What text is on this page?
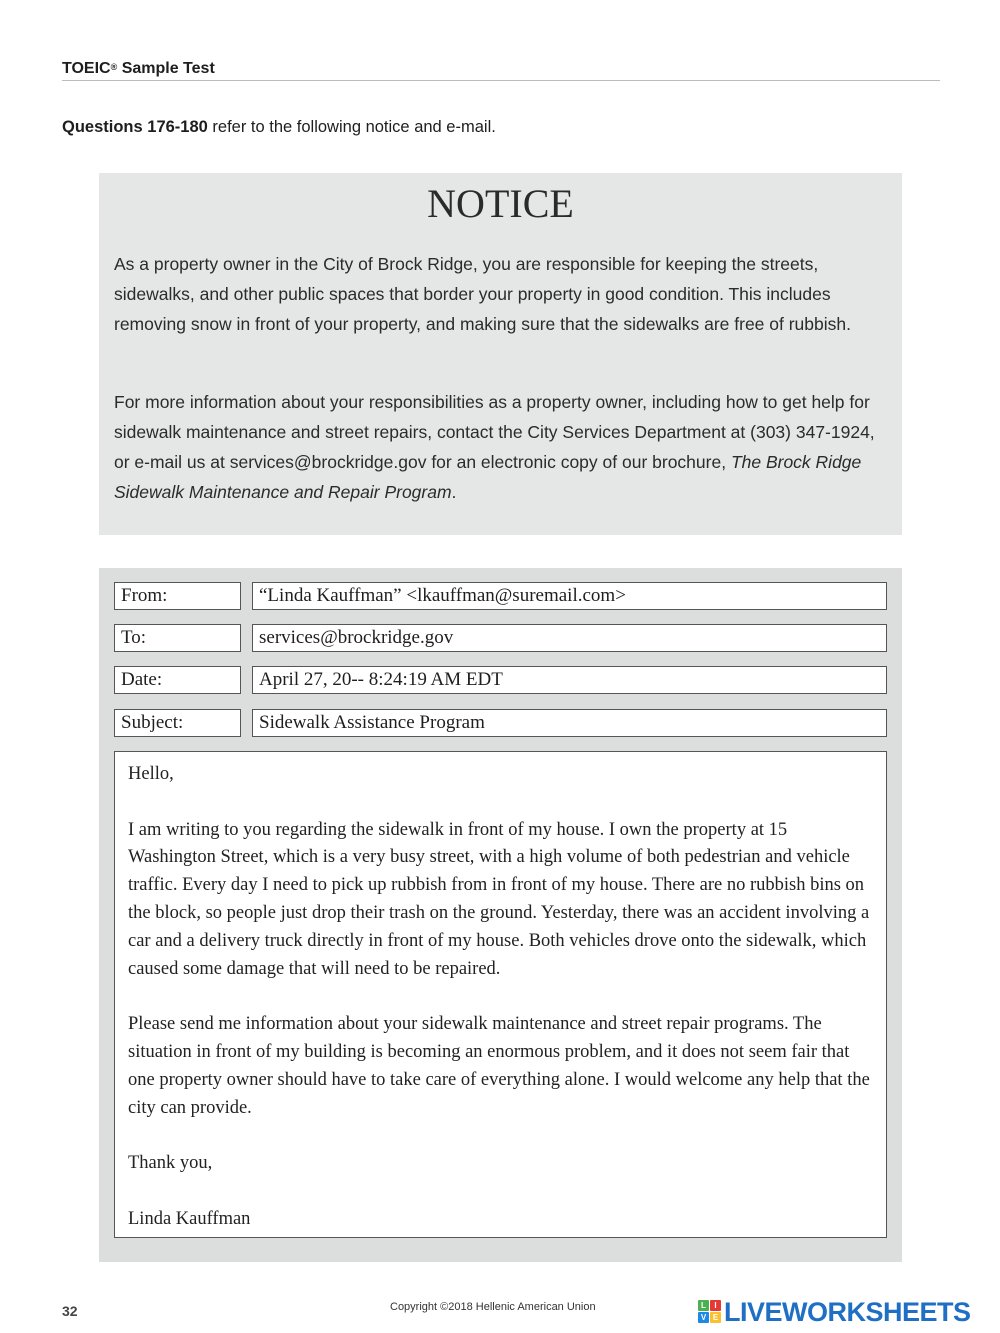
TOEIC® Sample Test
Questions 176-180 refer to the following notice and e-mail.
NOTICE
As a property owner in the City of Brock Ridge, you are responsible for keeping the streets, sidewalks, and other public spaces that border your property in good condition. This includes removing snow in front of your property, and making sure that the sidewalks are free of rubbish.
For more information about your responsibilities as a property owner, including how to get help for sidewalk maintenance and street repairs, contact the City Services Department at (303) 347-1924, or e-mail us at services@brockridge.gov for an electronic copy of our brochure, The Brock Ridge Sidewalk Maintenance and Repair Program.
From:	“Linda Kauffman” <lkauffman@suremail.com>
To:	services@brockridge.gov
Date:	April 27, 20-- 8:24:19 AM EDT
Subject:	Sidewalk Assistance Program

Hello,

I am writing to you regarding the sidewalk in front of my house. I own the property at 15 Washington Street, which is a very busy street, with a high volume of both pedestrian and vehicle traffic. Every day I need to pick up rubbish from in front of my house. There are no rubbish bins on the block, so people just drop their trash on the ground. Yesterday, there was an accident involving a car and a delivery truck directly in front of my house. Both vehicles drove onto the sidewalk, which caused some damage that will need to be repaired.

Please send me information about your sidewalk maintenance and street repair programs. The situation in front of my building is becoming an enormous problem, and it does not seem fair that one property owner should have to take care of everything alone. I would welcome any help that the city can provide.

Thank you,

Linda Kauffman

32	Copyright ©2018 Hellenic American Union	L	I
V E LIVEWORKSHEETS
